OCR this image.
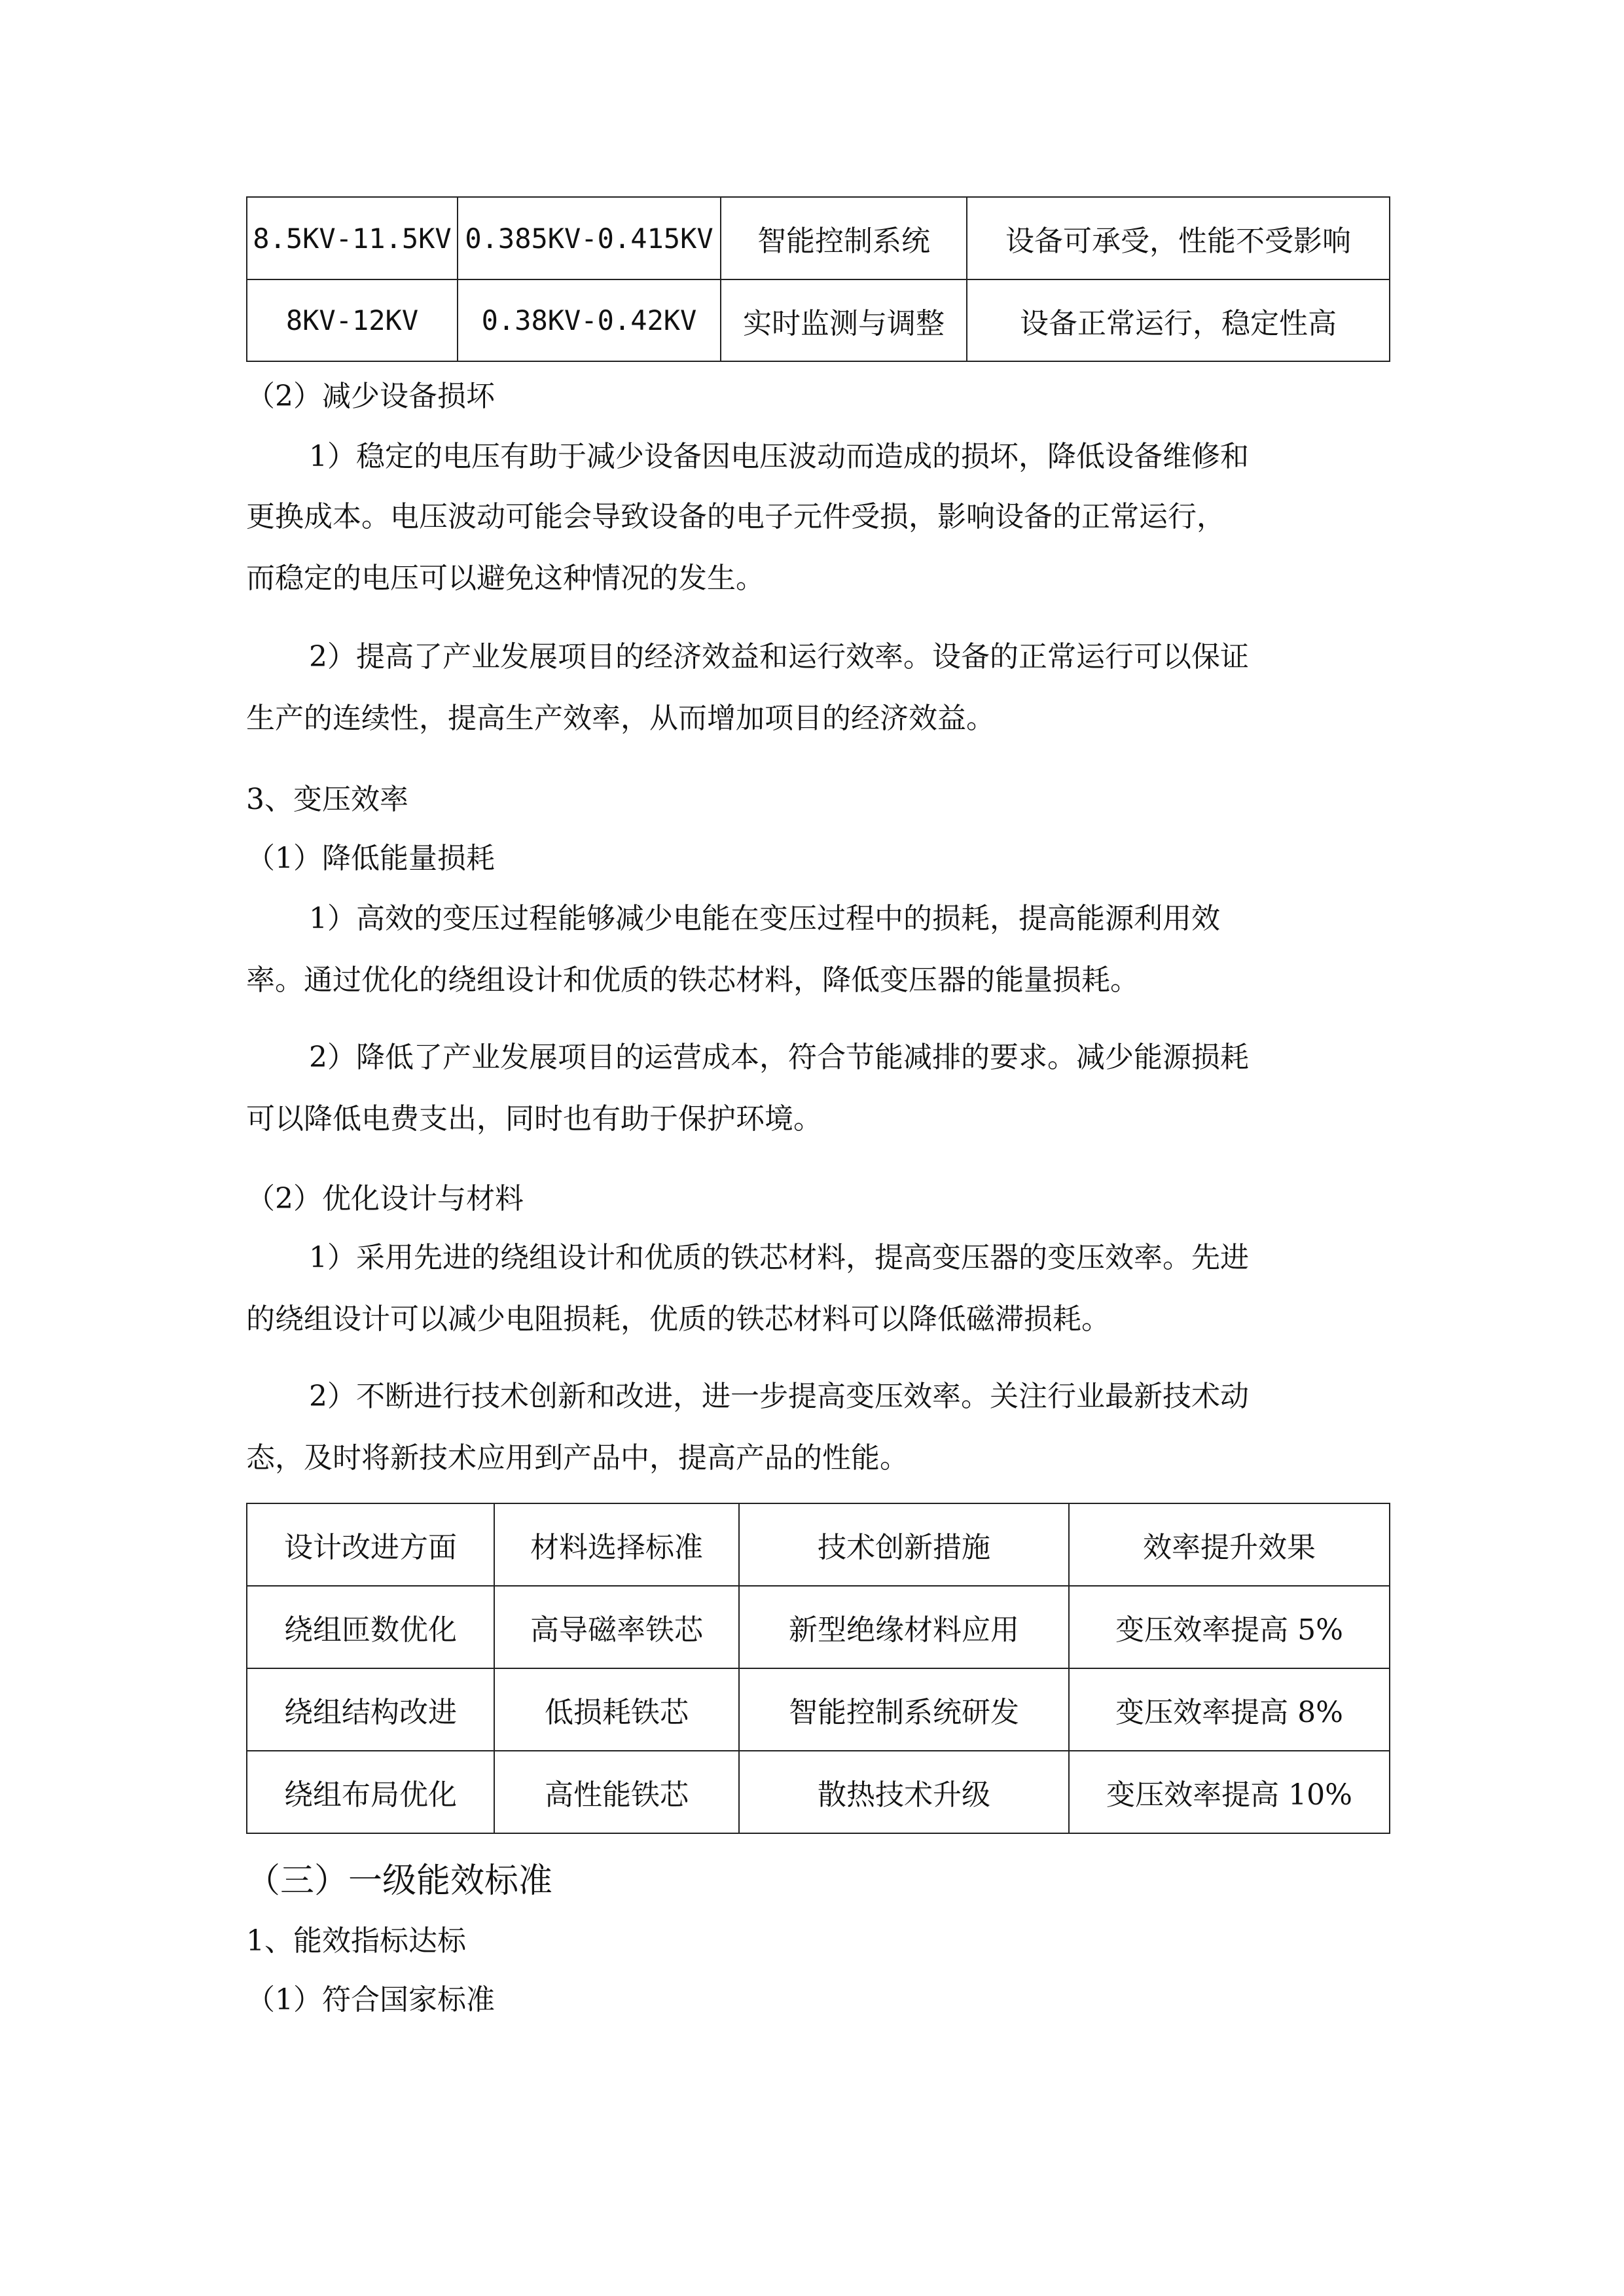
8.5KV-11.5KV	0.385KV-0.415KV	智能控制系统	设备可承受，性能不受影响
8KV-12KV	0.38KV-0.42KV	实时监测与调整	设备正常运行，稳定性高
（2）减少设备损坏
1）稳定的电压有助于减少设备因电压波动而造成的损坏，降低设备维修和
更换成本。电压波动可能会导致设备的电子元件受损，影响设备的正常运行，
而稳定的电压可以避免这种情况的发生。
2）提高了产业发展项目的经济效益和运行效率。设备的正常运行可以保证
生产的连续性，提高生产效率，从而增加项目的经济效益。
3、变压效率
（1）降低能量损耗
1）高效的变压过程能够减少电能在变压过程中的损耗，提高能源利用效
率。通过优化的绕组设计和优质的铁芯材料，降低变压器的能量损耗。
2）降低了产业发展项目的运营成本，符合节能减排的要求。减少能源损耗
可以降低电费支出，同时也有助于保护环境。
（2）优化设计与材料
1）采用先进的绕组设计和优质的铁芯材料，提高变压器的变压效率。先进
的绕组设计可以减少电阻损耗，优质的铁芯材料可以降低磁滞损耗。
2）不断进行技术创新和改进，进一步提高变压效率。关注行业最新技术动
态，及时将新技术应用到产品中，提高产品的性能。
设计改进方面	材料选择标准	技术创新措施	效率提升效果
绕组匝数优化	高导磁率铁芯	新型绝缘材料应用	变压效率提高 5%
绕组结构改进	低损耗铁芯	智能控制系统研发	变压效率提高 8%
绕组布局优化	高性能铁芯	散热技术升级	变压效率提高 10%
（三）一级能效标准
1、能效指标达标
（1）符合国家标准
